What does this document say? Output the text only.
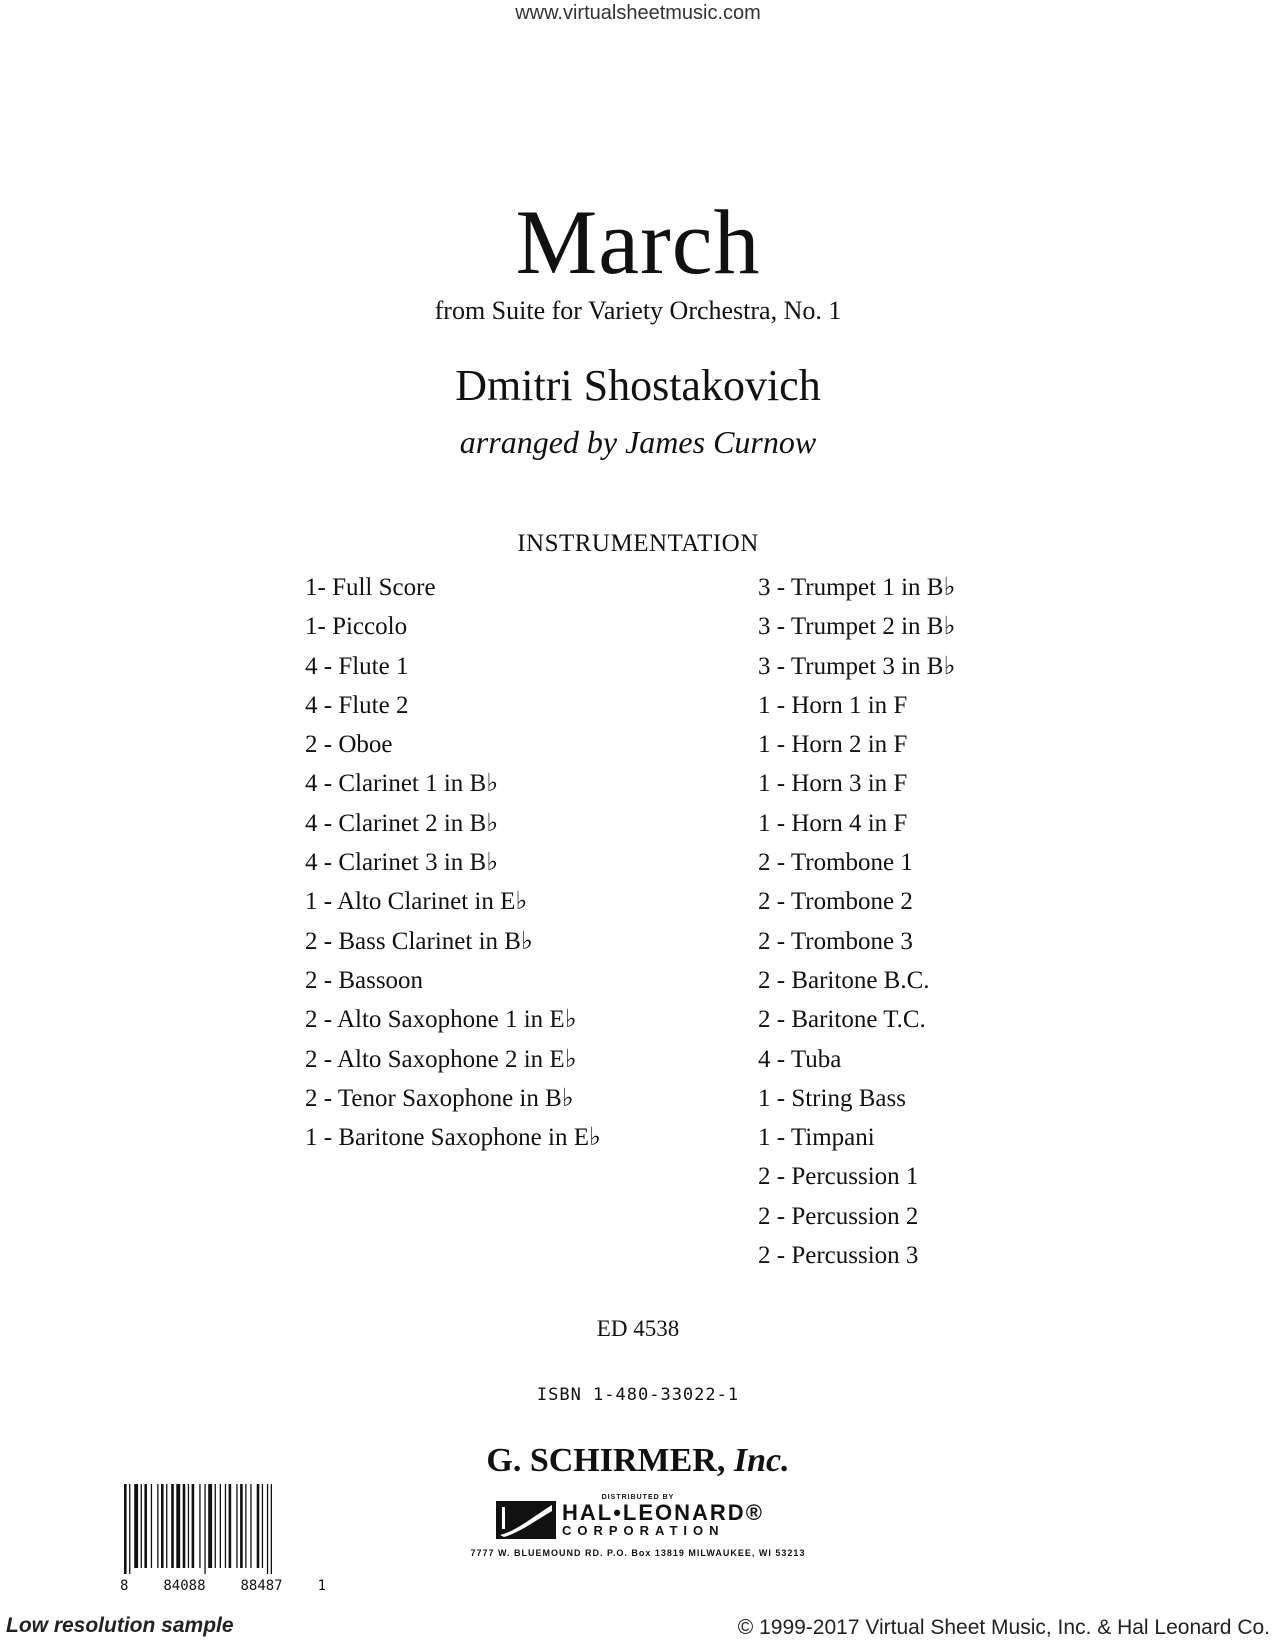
www.virtualsheetmusic.com
March
from Suite for Variety Orchestra, No. 1
Dmitri Shostakovich
arranged by James Curnow
INSTRUMENTATION
1- Full Score
1- Piccolo
4 - Flute 1
4 - Flute 2
2 - Oboe
4 - Clarinet 1 in B♭
4 - Clarinet 2 in B♭
4 - Clarinet 3 in B♭
1 - Alto Clarinet in E♭
2 - Bass Clarinet in B♭
2 - Bassoon
2 - Alto Saxophone 1 in E♭
2 - Alto Saxophone 2 in E♭
2 - Tenor Saxophone in B♭
1 - Baritone Saxophone in E♭
3 - Trumpet 1 in B♭
3 - Trumpet 2 in B♭
3 - Trumpet 3 in B♭
1 - Horn 1 in F
1 - Horn 2 in F
1 - Horn 3 in F
1 - Horn 4 in F
2 - Trombone 1
2 - Trombone 2
2 - Trombone 3
2 - Baritone B.C.
2 - Baritone T.C.
4 - Tuba
1 - String Bass
1 - Timpani
2 - Percussion 1
2 - Percussion 2
2 - Percussion 3
ED 4538
ISBN 1-480-33022-1
8 84088 88487 1
G. SCHIRMER, Inc.
DISTRIBUTED BY
HAL•LEONARD®
CORPORATION
7777 W. BLUEMOUND RD. P.O. Box 13819 MILWAUKEE, WI 53213
Low resolution sample	© 1999-2017 Virtual Sheet Music, Inc. & Hal Leonard Co.
